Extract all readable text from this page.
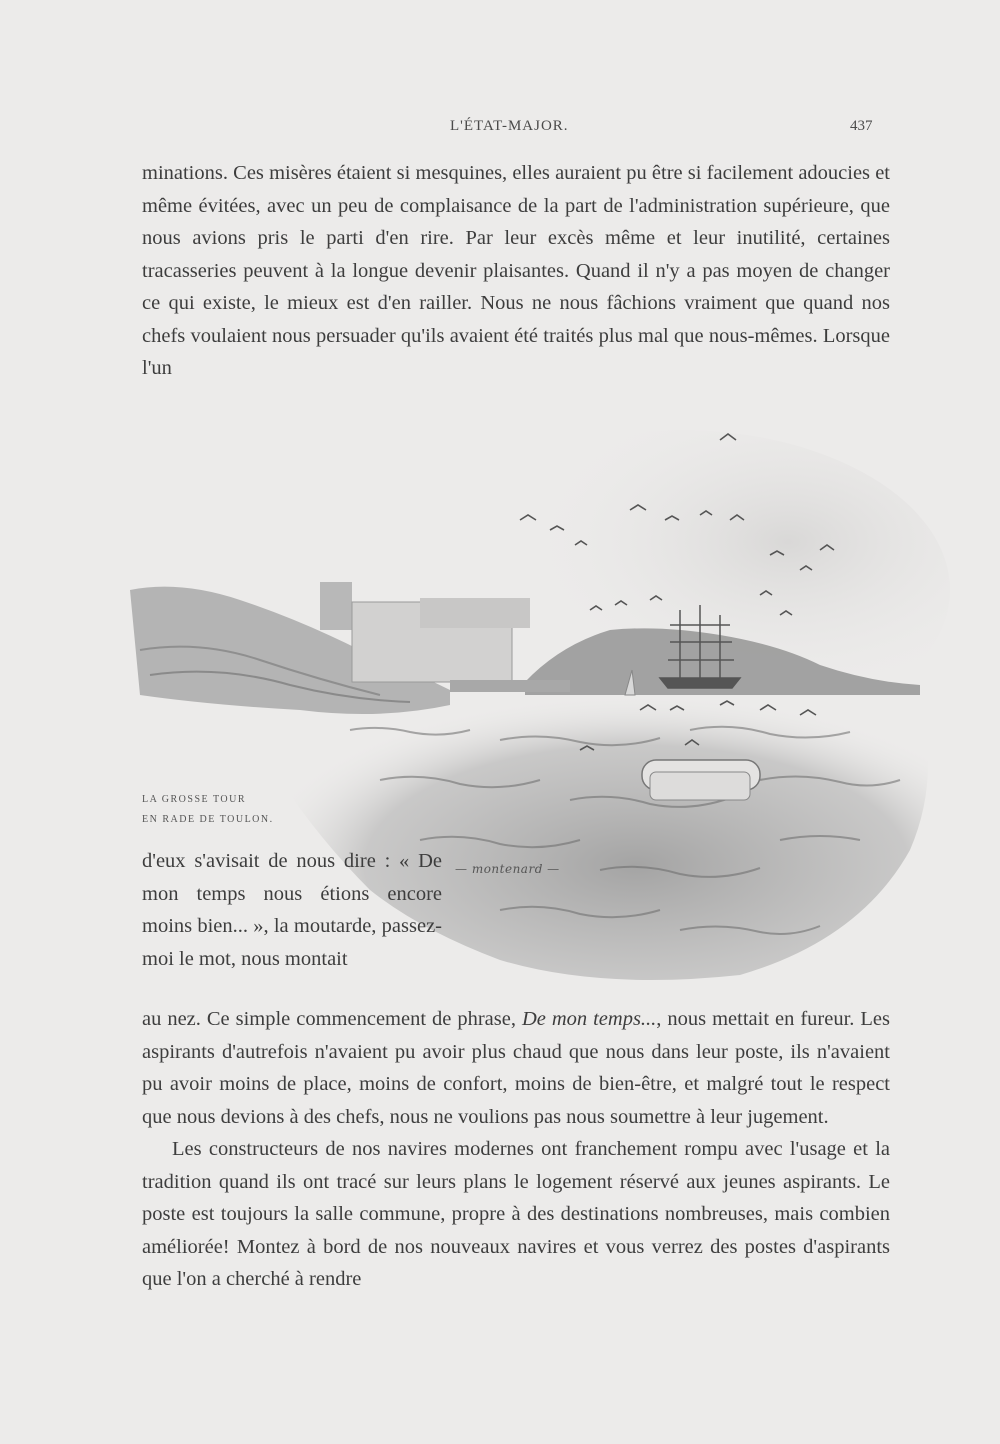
L'ÉTAT-MAJOR.	437

minations. Ces misères étaient si mesquines, elles auraient pu être si facilement adoucies et même évitées, avec un peu de complaisance de la part de l'administration supérieure, que nous avions pris le parti d'en rire. Par leur excès même et leur inutilité, certaines tracasseries peuvent à la longue devenir plaisantes. Quand il n'y a pas moyen de changer ce qui existe, le mieux est d'en railler. Nous ne nous fâchions vraiment que quand nos chefs voulaient nous persuader qu'ils avaient été traités plus mal que nous-mêmes. Lorsque l'un

LA GROSSE TOUR
EN RADE DE TOULON.
— montenard —

d'eux s'avisait de nous dire : « De mon temps nous étions encore moins bien... », la moutarde, passez-moi le mot, nous montait

au nez. Ce simple commencement de phrase, De mon temps..., nous mettait en fureur. Les aspirants d'autrefois n'avaient pu avoir plus chaud que nous dans leur poste, ils n'avaient pu avoir moins de place, moins de confort, moins de bien-être, et malgré tout le respect que nous devions à des chefs, nous ne voulions pas nous soumettre à leur jugement.

Les constructeurs de nos navires modernes ont franchement rompu avec l'usage et la tradition quand ils ont tracé sur leurs plans le logement réservé aux jeunes aspirants. Le poste est toujours la salle commune, propre à des destinations nombreuses, mais combien améliorée! Montez à bord de nos nouveaux navires et vous verrez des postes d'aspirants que l'on a cherché à rendre
